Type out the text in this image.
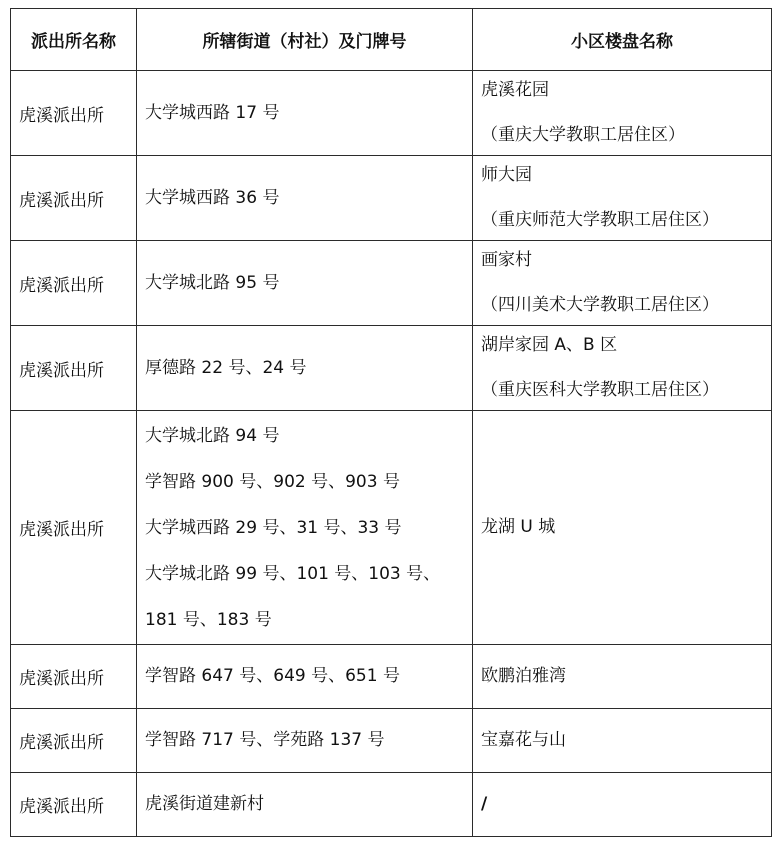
派出所名称	所辖街道（村社）及门牌号	小区楼盘名称
虎溪派出所	大学城西路 17 号	虎溪花园
（重庆大学教职工居住区）

虎溪派出所	大学城西路 36 号	师大园
（重庆师范大学教职工居住区）

虎溪派出所	大学城北路 95 号	画家村
（四川美术大学教职工居住区）

虎溪派出所	厚德路 22 号、24 号	湖岸家园 A、B 区
（重庆医科大学教职工居住区）

虎溪派出所	大学城北路 94 号
学智路 900 号、902 号、903 号
大学城西路 29 号、31 号、33 号
大学城北路 99 号、101 号、103 号、
181 号、183 号	龙湖 U 城

虎溪派出所	学智路 647 号、649 号、651 号	欧鹏泊雅湾

虎溪派出所	学智路 717 号、学苑路 137 号	宝嘉花与山

虎溪派出所	虎溪街道建新村	/
